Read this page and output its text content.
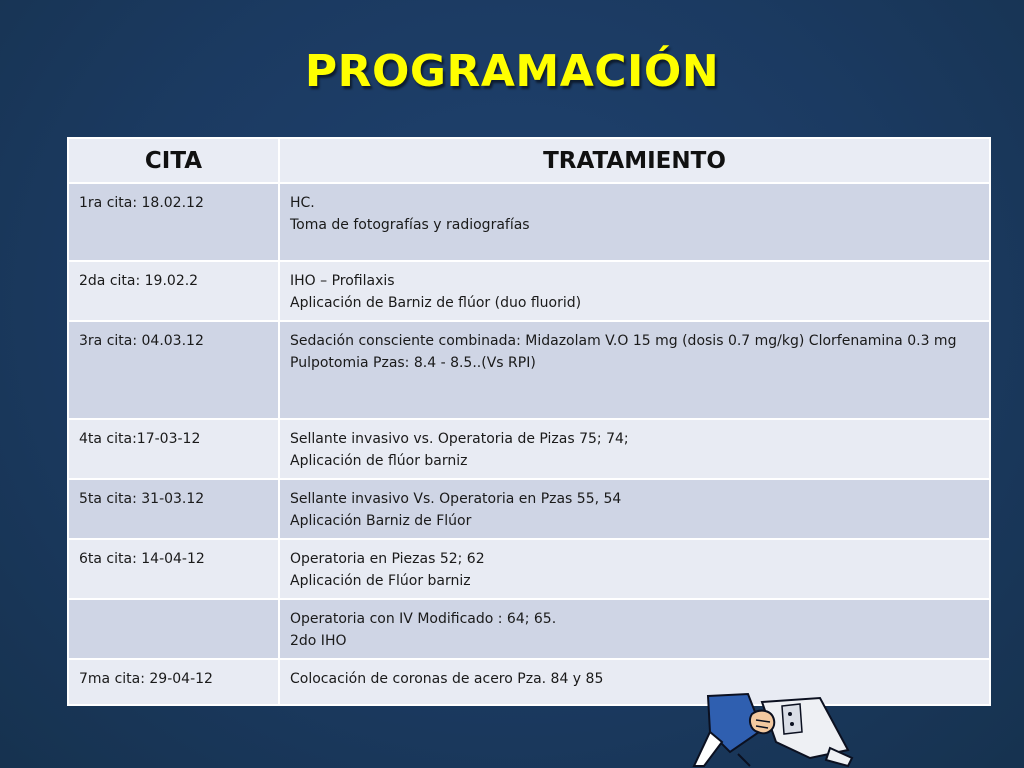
PROGRAMACIÓN
CITA	TRATAMIENTO
1ra cita: 18.02.12	HC.
Toma de fotografías y radiografías

2da cita: 19.02.2	IHO – Profilaxis
Aplicación de Barniz de flúor (duo fluorid)

3ra cita: 04.03.12	Sedación consciente combinada: Midazolam V.O 15 mg (dosis 0.7 mg/kg) Clorfenamina 0.3 mg
Pulpotomia Pzas: 8.4 - 8.5..(Vs RPI)

4ta cita:17-03-12	Sellante invasivo vs. Operatoria de Pizas 75; 74;
Aplicación de flúor barniz

5ta cita: 31-03.12	Sellante invasivo Vs. Operatoria en Pzas 55, 54
Aplicación Barniz de Flúor

6ta cita: 14-04-12	Operatoria en Piezas 52; 62
Aplicación de Flúor barniz

	Operatoria con IV Modificado : 64; 65.
2do IHO

7ma cita: 29-04-12	Colocación de coronas de acero Pza. 84 y 85
